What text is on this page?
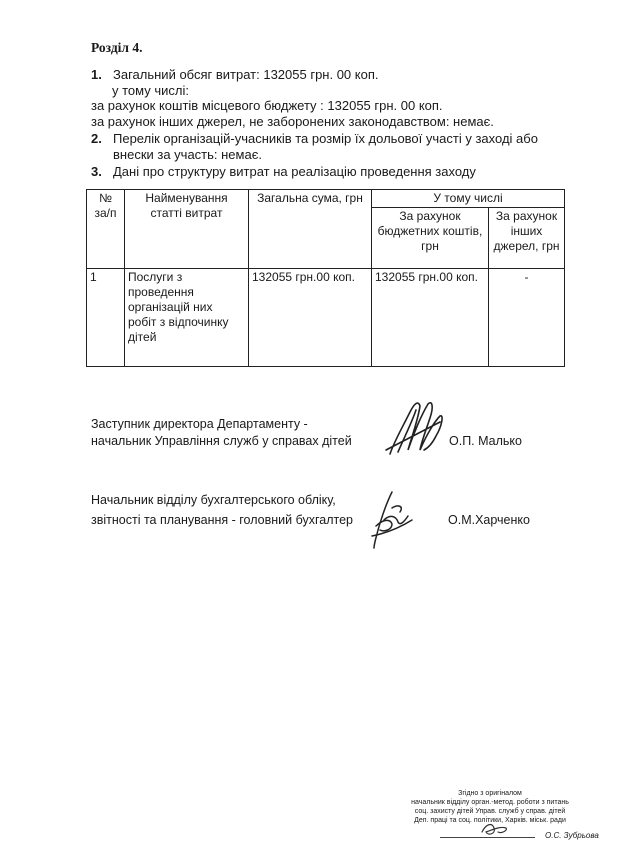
Розділ 4.
1. Загальний обсяг витрат: 132055 грн. 00 коп.
у тому числі:
за рахунок коштів місцевого бюджету : 132055 грн. 00 коп.
за рахунок інших джерел, не заборонених законодавством: немає.
2. Перелік організацій-учасників та розмір їх дольової участі у заході або
внески за участь: немає.
3. Дані про структуру витрат на реалізацію проведення заходу
№ за/п	Найменування статті витрат	Загальна сума, грн	У тому числі	
			За рахунок бюджетних коштів, грн	За рахунок інших джерел, грн
1	Послуги з проведення організацій них робіт з відпочинку дітей	132055 грн.00 коп.	132055 грн.00 коп.	-
Заступник директора Департаменту -
начальник Управління служб у справах дітей	О.П. Малько
Начальник відділу бухгалтерського обліку,
звітності та планування - головний бухгалтер	О.М.Харченко
Згідно з оригіналом
начальник відділу орган.-метод. роботи з питань
соц. захисту дітей Управ. служб у справ. дітей
Деп. праці та соц. політики, Харків. міськ. ради
О.С. Зубрьова
